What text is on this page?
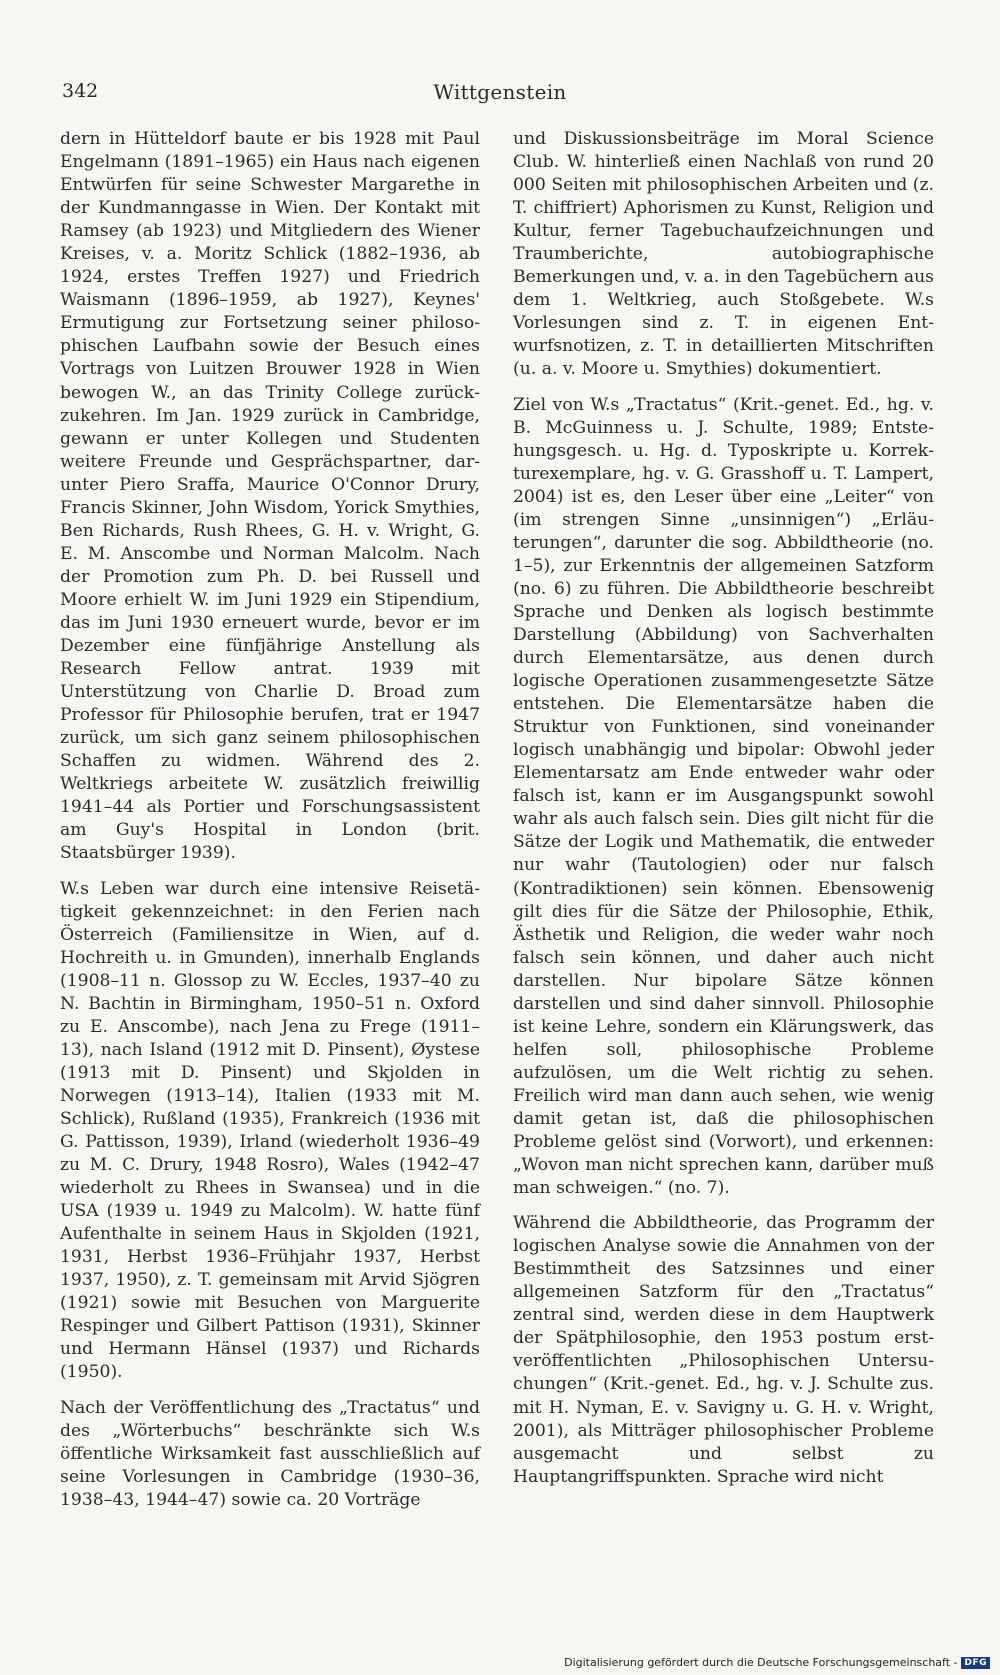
342	Wittgenstein

dern in Hütteldorf baute er bis 1928 mit Paul Engelmann (1891–1965) ein Haus nach eigenen Entwürfen für seine Schwester Margarethe in der Kundmanngasse in Wien. Der Kontakt mit Ramsey (ab 1923) und Mitgliedern des Wiener Kreises, v. a. Moritz Schlick (1882–1936, ab 1924, erstes Treffen 1927) und Friedrich Waismann (1896–1959, ab 1927), Keynes' Ermutigung zur Fortsetzung seiner philosophischen Laufbahn sowie der Besuch eines Vortrags von Luitzen Brouwer 1928 in Wien bewogen W., an das Trinity College zurückzukehren. Im Jan. 1929 zurück in Cambridge, gewann er unter Kollegen und Studenten weitere Freunde und Gesprächspartner, darunter Piero Sraffa, Maurice O'Connor Drury, Francis Skinner, John Wisdom, Yorick Smythies, Ben Richards, Rush Rhees, G. H. v. Wright, G. E. M. Anscombe und Norman Malcolm. Nach der Promotion zum Ph. D. bei Russell und Moore erhielt W. im Juni 1929 ein Stipendium, das im Juni 1930 erneuert wurde, bevor er im Dezember eine fünfjährige Anstellung als Research Fellow antrat. 1939 mit Unterstützung von Charlie D. Broad zum Professor für Philosophie berufen, trat er 1947 zurück, um sich ganz seinem philosophischen Schaffen zu widmen. Während des 2. Weltkriegs arbeitete W. zusätzlich freiwillig 1941–44 als Portier und Forschungsassistent am Guy's Hospital in London (brit. Staatsbürger 1939).

W.s Leben war durch eine intensive Reisetätigkeit gekennzeichnet: in den Ferien nach Österreich (Familiensitze in Wien, auf d. Hochreith u. in Gmunden), innerhalb Englands (1908–11 n. Glossop zu W. Eccles, 1937–40 zu N. Bachtin in Birmingham, 1950–51 n. Oxford zu E. Anscombe), nach Jena zu Frege (1911–13), nach Island (1912 mit D. Pinsent), Øystese (1913 mit D. Pinsent) und Skjolden in Norwegen (1913–14), Italien (1933 mit M. Schlick), Rußland (1935), Frankreich (1936 mit G. Pattisson, 1939), Irland (wiederholt 1936–49 zu M. C. Drury, 1948 Rosro), Wales (1942–47 wiederholt zu Rhees in Swansea) und in die USA (1939 u. 1949 zu Malcolm). W. hatte fünf Aufenthalte in seinem Haus in Skjolden (1921, 1931, Herbst 1936–Frühjahr 1937, Herbst 1937, 1950), z. T. gemeinsam mit Arvid Sjögren (1921) sowie mit Besuchen von Marguerite Respinger und Gilbert Pattison (1931), Skinner und Hermann Hänsel (1937) und Richards (1950).

Nach der Veröffentlichung des „Tractatus“ und des „Wörterbuchs“ beschränkte sich W.s öffentliche Wirksamkeit fast ausschließlich auf seine Vorlesungen in Cambridge (1930–36, 1938–43, 1944–47) sowie ca. 20 Vorträge

und Diskussionsbeiträge im Moral Science Club. W. hinterließ einen Nachlaß von rund 20 000 Seiten mit philosophischen Arbeiten und (z. T. chiffriert) Aphorismen zu Kunst, Religion und Kultur, ferner Tagebuchaufzeichnungen und Traumberichte, autobiographische Bemerkungen und, v. a. in den Tagebüchern aus dem 1. Weltkrieg, auch Stoßgebete. W.s Vorlesungen sind z. T. in eigenen Entwurfsnotizen, z. T. in detaillierten Mitschriften (u. a. v. Moore u. Smythies) dokumentiert.

Ziel von W.s „Tractatus“ (Krit.-genet. Ed., hg. v. B. McGuinness u. J. Schulte, 1989; Entstehungsgesch. u. Hg. d. Typoskripte u. Korrekturexemplare, hg. v. G. Grasshoff u. T. Lampert, 2004) ist es, den Leser über eine „Leiter“ von (im strengen Sinne „unsinnigen“) „Erläuterungen“, darunter die sog. Abbildtheorie (no. 1–5), zur Erkenntnis der allgemeinen Satzform (no. 6) zu führen. Die Abbildtheorie beschreibt Sprache und Denken als logisch bestimmte Darstellung (Abbildung) von Sachverhalten durch Elementarsätze, aus denen durch logische Operationen zusammengesetzte Sätze entstehen. Die Elementarsätze haben die Struktur von Funktionen, sind voneinander logisch unabhängig und bipolar: Obwohl jeder Elementarsatz am Ende entweder wahr oder falsch ist, kann er im Ausgangspunkt sowohl wahr als auch falsch sein. Dies gilt nicht für die Sätze der Logik und Mathematik, die entweder nur wahr (Tautologien) oder nur falsch (Kontradiktionen) sein können. Ebensowenig gilt dies für die Sätze der Philosophie, Ethik, Ästhetik und Religion, die weder wahr noch falsch sein können, und daher auch nicht darstellen. Nur bipolare Sätze können darstellen und sind daher sinnvoll. Philosophie ist keine Lehre, sondern ein Klärungswerk, das helfen soll, philosophische Probleme aufzulösen, um die Welt richtig zu sehen. Freilich wird man dann auch sehen, wie wenig damit getan ist, daß die philosophischen Probleme gelöst sind (Vorwort), und erkennen: „Wovon man nicht sprechen kann, darüber muß man schweigen.“ (no. 7).

Während die Abbildtheorie, das Programm der logischen Analyse sowie die Annahmen von der Bestimmtheit des Satzsinnes und einer allgemeinen Satzform für den „Tractatus“ zentral sind, werden diese in dem Hauptwerk der Spätphilosophie, den 1953 postum erstveröffentlichten „Philosophischen Untersuchungen“ (Krit.-genet. Ed., hg. v. J. Schulte zus. mit H. Nyman, E. v. Savigny u. G. H. v. Wright, 2001), als Mitträger philosophischer Probleme ausgemacht und selbst zu Hauptangriffspunkten. Sprache wird nicht

Digitalisierung gefördert durch die Deutsche Forschungsgemeinschaft - DFG
